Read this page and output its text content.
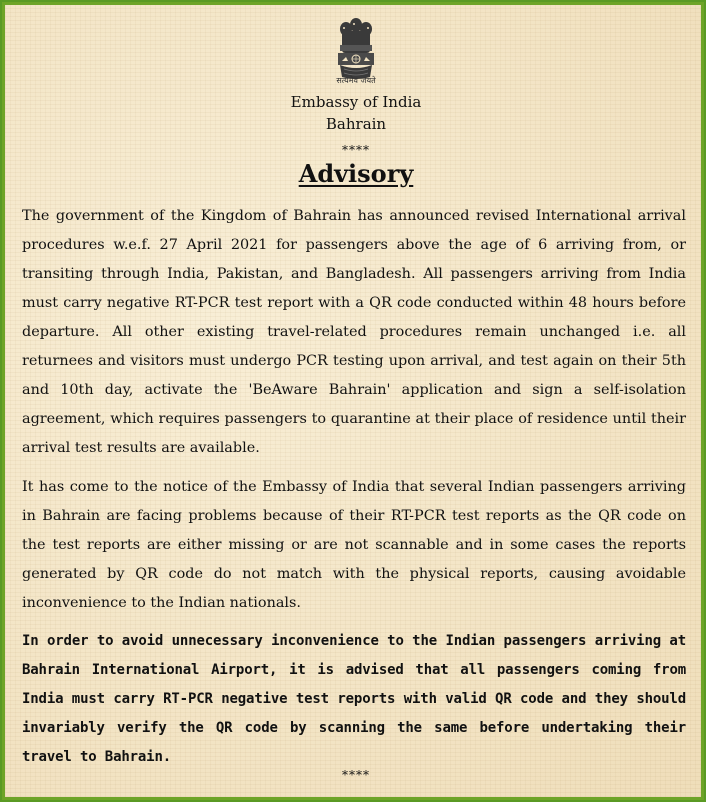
सत्यमेव जयते
Embassy of India
Bahrain
****
Advisory

The government of the Kingdom of Bahrain has announced revised International arrival procedures w.e.f. 27 April 2021 for passengers above the age of 6 arriving from, or transiting through India, Pakistan, and Bangladesh. All passengers arriving from India must carry negative RT-PCR test report with a QR code conducted within 48 hours before departure. All other existing travel-related procedures remain unchanged i.e. all returnees and visitors must undergo PCR testing upon arrival, and test again on their 5th and 10th day, activate the 'BeAware Bahrain' application and sign a self-isolation agreement, which requires passengers to quarantine at their place of residence until their arrival test results are available.

It has come to the notice of the Embassy of India that several Indian passengers arriving in Bahrain are facing problems because of their RT-PCR test reports as the QR code on the test reports are either missing or are not scannable and in some cases the reports generated by QR code do not match with the physical reports, causing avoidable inconvenience to the Indian nationals.

In order to avoid unnecessary inconvenience to the Indian passengers arriving at Bahrain International Airport, it is advised that all passengers coming from India must carry RT-PCR negative test reports with valid QR code and they should invariably verify the QR code by scanning the same before undertaking their travel to Bahrain.

****
